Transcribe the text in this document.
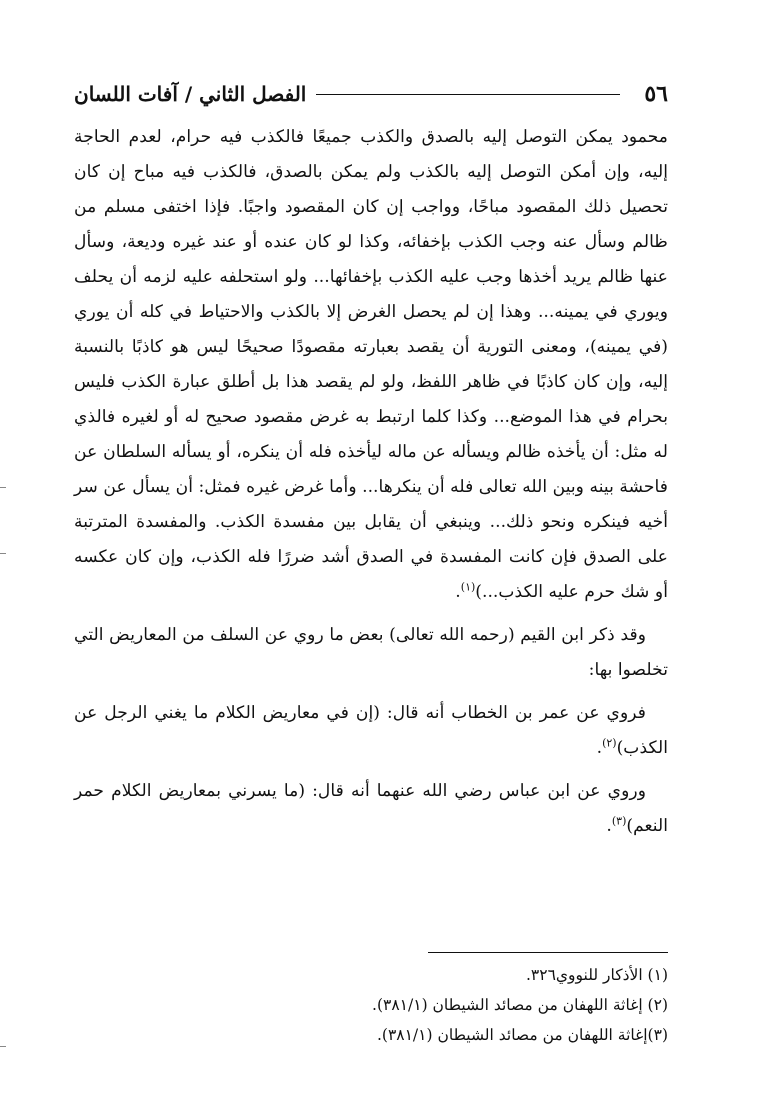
٥٦
الفصل الثاني / آفات اللسان

محمود يمكن التوصل إليه بالصدق والكذب جميعًا فالكذب فيه حرام، لعدم الحاجة إليه، وإن أمكن التوصل إليه بالكذب ولم يمكن بالصدق، فالكذب فيه مباح إن كان تحصيل ذلك المقصود مباحًا، وواجب إن كان المقصود واجبًا. فإذا اختفى مسلم من ظالم وسأل عنه وجب الكذب بإخفائه، وكذا لو كان عنده أو عند غيره وديعة، وسأل عنها ظالم يريد أخذها وجب عليه الكذب بإخفائها... ولو استحلفه عليه لزمه أن يحلف ويوري في يمينه... وهذا إن لم يحصل الغرض إلا بالكذب والاحتياط في كله أن يوري (في يمينه)، ومعنى التورية أن يقصد بعبارته مقصودًا صحيحًا ليس هو كاذبًا بالنسبة إليه، وإن كان كاذبًا في ظاهر اللفظ، ولو لم يقصد هذا بل أطلق عبارة الكذب فليس بحرام في هذا الموضع... وكذا كلما ارتبط به غرض مقصود صحيح له أو لغيره فالذي له مثل: أن يأخذه ظالم ويسأله عن ماله ليأخذه فله أن ينكره، أو يسأله السلطان عن فاحشة بينه وبين الله تعالى فله أن ينكرها... وأما غرض غيره فمثل: أن يسأل عن سر أخيه فينكره ونحو ذلك... وينبغي أن يقابل بين مفسدة الكذب. والمفسدة المترتبة على الصدق فإن كانت المفسدة في الصدق أشد ضررًا فله الكذب، وإن كان عكسه أو شك حرم عليه الكذب...)$^{(١)}$.

وقد ذكر ابن القيم (رحمه الله تعالى) بعض ما روي عن السلف من المعاريض التي تخلصوا بها:

فروي عن عمر بن الخطاب أنه قال: (إن في معاريض الكلام ما يغني الرجل عن الكذب)$^{(٢)}$.

وروي عن ابن عباس رضي الله عنهما أنه قال: (ما يسرني بمعاريض الكلام حمر النعم)$^{(٣)}$.

(١) الأذكار للنووي٣٢٦.
(٢) إغاثة اللهفان من مصائد الشيطان (٣٨١/١).
(٣)إغاثة اللهفان من مصائد الشيطان (٣٨١/١).
